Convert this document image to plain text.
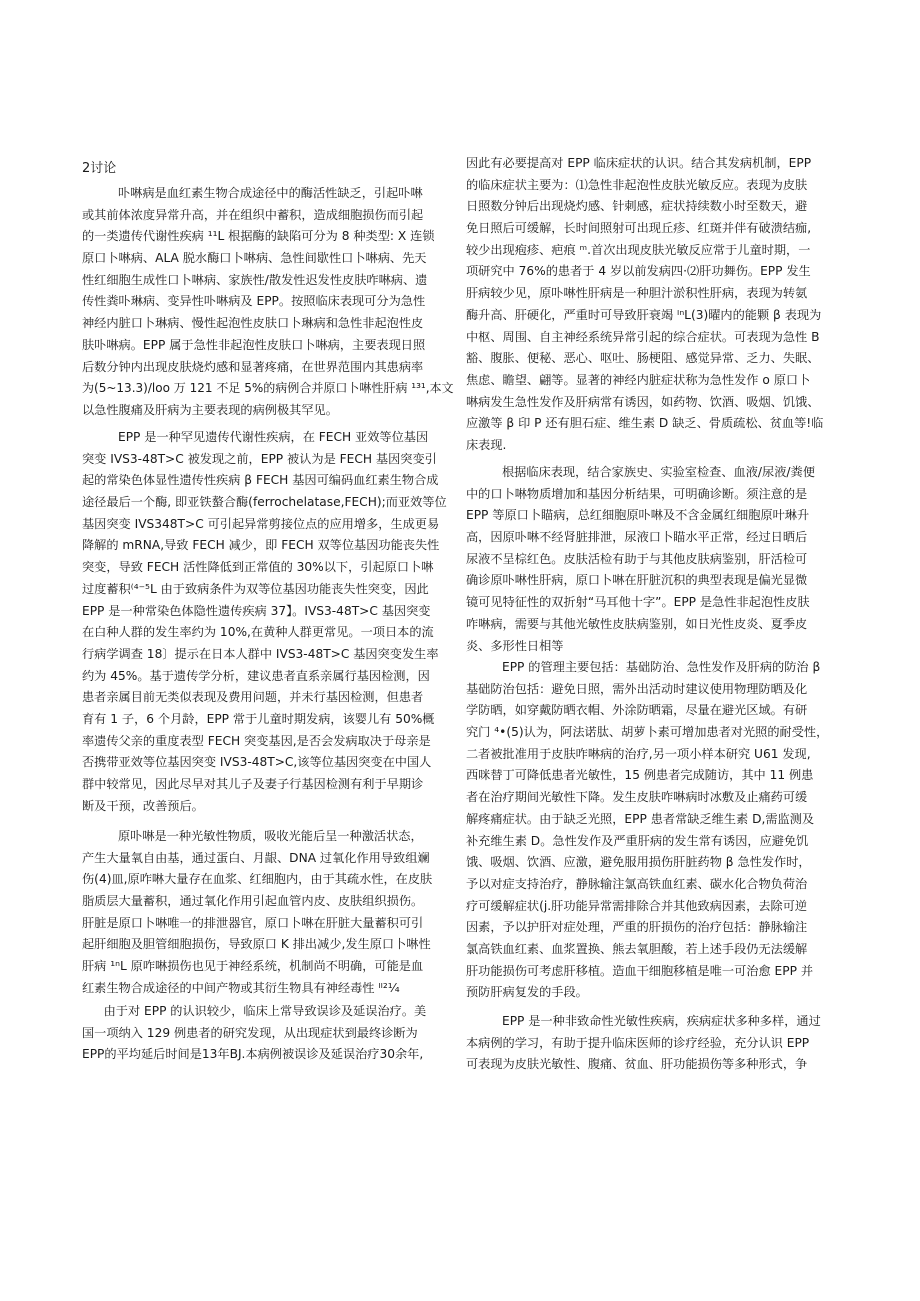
2讨论
卟啉病是血红素生物合成途径中的酶活性缺乏，引起卟啉
或其前体浓度异常升高，并在组织中蓄积，造成细胞损伤而引起
的一类遗传代谢性疾病 ¹¹L 根据酶的缺陷可分为 8 种类型: X 连锁
原口卜啉病、ALA 脱水酶口卜啉病、急性间歇性口卜啉病、先天
性红细胞生成性口卜啉病、家族性/散发性迟发性皮肤咋啉病、遗
传性粪卟琳病、变异性卟啉病及 EPP。按照临床表现可分为急性
神经内脏口卜琳病、慢性起泡性皮肤口卜琳病和急性非起泡性皮
肤卟啉病。EPP 属于急性非起泡性皮肤口卜啉病，主要表现日照
后数分钟内出现皮肤烧灼感和显著疼痛，在世界范围内其患病率
为(5~13.3)/loo 万 121 不足 5%的病例合并原口卜啉性肝病 ¹³¹,本文
以急性腹痛及肝病为主要表现的病例极其罕见。
EPP 是一种罕见遗传代谢性疾病，在 FECH 亚效等位基因
突变 IVS3-48T>C 被发现之前，EPP 被认为是 FECH 基因突变引
起的常染色体显性遗传性疾病 β FECH 基因可编码血红素生物合成
途径最后一个酶, 即亚铁螯合酶(ferrochelatase,FECH);而亚效等位
基因突变 IVS348T>C 可引起异常剪接位点的应用增多，生成更易
降解的 mRNA,导致 FECH 减少，即 FECH 双等位基因功能丧失性
突变，导致 FECH 活性降低到正常值的 30%以下，引起原口卜啉
过度蓄积⁽⁴⁻⁵L 由于致病条件为双等位基因功能丧失性突变，因此
EPP 是一种常染色体隐性遗传疾病 37】。IVS3-48T>C 基因突变
在白种人群的发生率约为 10%,在黄种人群更常见。一项日本的流
行病学调查 18〕提示在日本人群中 IVS3-48T>C 基因突变发生率
约为 45%。基于遗传学分析，建议患者直系亲属行基因检测，因
患者亲属目前无类似表现及费用问题，并未行基因检测，但患者
育有 1 子，6 个月龄，EPP 常于儿童时期发病，该婴儿有 50%概
率遗传父亲的重度表型 FECH 突变基因,是否会发病取决于母亲是
否携带亚效等位基因突变 IVS3-48T>C,该等位基因突变在中国人
群中较常见，因此尽早对其儿子及妻子行基因检测有利于早期诊
断及干预，改善预后。
原卟啉是一种光敏性物质，吸收光能后呈一种激活状态，
产生大量氧自由基，通过蛋白、月龈、DNA 过氧化作用导致组斓
伤(4)皿,原咋啉大量存在血浆、红细胞内，由于其疏水性，在皮肤
脂质层大量蓄积，通过氧化作用引起血管内皮、皮肤组织损伤。
肝脏是原口卜啉唯一的排泄器官，原口卜啉在肝脏大量蓄积可引
起肝细胞及胆管细胞损伤，导致原口 K 排出减少,发生原口卜啉性
肝病 ¹ⁿL 原咋啉损伤也见于神经系统，机制尚不明确，可能是血
红素生物合成途径的中间产物或其衍生物具有神经毒性 ᴵᴵ²¹⁄₄
由于对 EPP 的认识较少，临床上常导致误诊及延误治疗。美
国一项纳入 129 例患者的研究发现，从出现症状到最终诊断为
EPP的平均延后时间是13年BJ.本病例被误诊及延误治疗30余年,
因此有必要提高对 EPP 临床症状的认识。结合其发病机制，EPP
的临床症状主要为：⑴急性非起泡性皮肤光敏反应。表现为皮肤
日照数分钟后出现烧灼感、针刺感，症状持续数小时至数天，避
免日照后可缓解，长时间照射可出现丘疹、红斑并伴有破溃结痂,
较少出现疱疹、疤痕 ᵐ.首次出现皮肤光敏反应常于儿童时期，一
项研究中 76%的患者于 4 岁以前发病四·⑵肝功舞伤。EPP 发生
肝病较少见，原卟啉性肝病是一种胆汁淤积性肝病，表现为转氨
酶升高、肝硬化，严重时可导致肝衰竭 ᴵⁿL(3)曜内的能颗 β 表现为
中枢、周围、自主神经系统异常引起的综合症状。可表现为急性 B
豁、腹胀、便秘、恶心、呕吐、肠梗阻、感觉异常、乏力、失眠、
焦虑、瞻望、翩等。显著的神经内脏症状称为急性发作 o 原口卜
啉病发生急性发作及肝病常有诱因，如药物、饮酒、吸烟、饥饿、
应激等 β 印 P 还有胆石症、维生素 D 缺乏、骨质疏松、贫血等!临
床表现.
根据临床表现，结合家族史、实验室检查、血液/尿液/粪便
中的口卜啉物质增加和基因分析结果，可明确诊断。须注意的是
EPP 等原口卜瞄病，总红细胞原卟啉及不含金属红细胞原叶琳升
高，因原卟啉不经肾脏排泄，尿液口卜瞄水平正常，经过日晒后
尿液不呈棕红色。皮肤活检有助于与其他皮肤病鉴别，肝活检可
确诊原卟啉性肝病，原口卜啉在肝脏沉积的典型表现是偏光显微
镜可见特征性的双折射“马耳他十字”。EPP 是急性非起泡性皮肤
咋啉病，需要与其他光敏性皮肤病鉴别，如日光性皮炎、夏季皮
炎、多形性日相等
EPP 的管理主要包括：基础防治、急性发作及肝病的防治 β
基础防治包括：避免日照，需外出活动时建议使用物理防晒及化
学防晒，如穿戴防晒衣帽、外涂防晒霜，尽量在避光区域。有研
究门 ⁴•(5)认为，阿法诺肽、胡萝卜素可增加患者对光照的耐受性，
二者被批准用于皮肤咋啉病的治疗,另一项小样本研究 U61 发现,
西咪替丁可降低患者光敏性，15 例患者完成随访，其中 11 例患
者在治疗期间光敏性下降。发生皮肤咋啉病时冰敷及止痛药可缓
解疼痛症状。由于缺乏光照，EPP 患者常缺乏维生素 D,需监测及
补充维生素 D。急性发作及严重肝病的发生常有诱因，应避免饥
饿、吸烟、饮酒、应激，避免服用损伤肝脏药物 β 急性发作时，
予以对症支持治疗，静脉输注氯高铁血红素、碳水化合物负荷治
疗可缓解症状(j.肝功能异常需排除合并其他致病因素，去除可逆
因素，予以护肝对症处理，严重的肝损伤的治疗包括：静脉输注
氯高铁血红素、血浆置换、熊去氧胆酸，若上述手段仍无法缓解
肝功能损伤可考虑肝移植。造血干细胞移植是唯一可治愈 EPP 并
预防肝病复发的手段。
EPP 是一种非致命性光敏性疾病，疾病症状多种多样，通过
本病例的学习，有助于提升临床医师的诊疗经验，充分认识 EPP
可表现为皮肤光敏性、腹痛、贫血、肝功能损伤等多种形式，争
